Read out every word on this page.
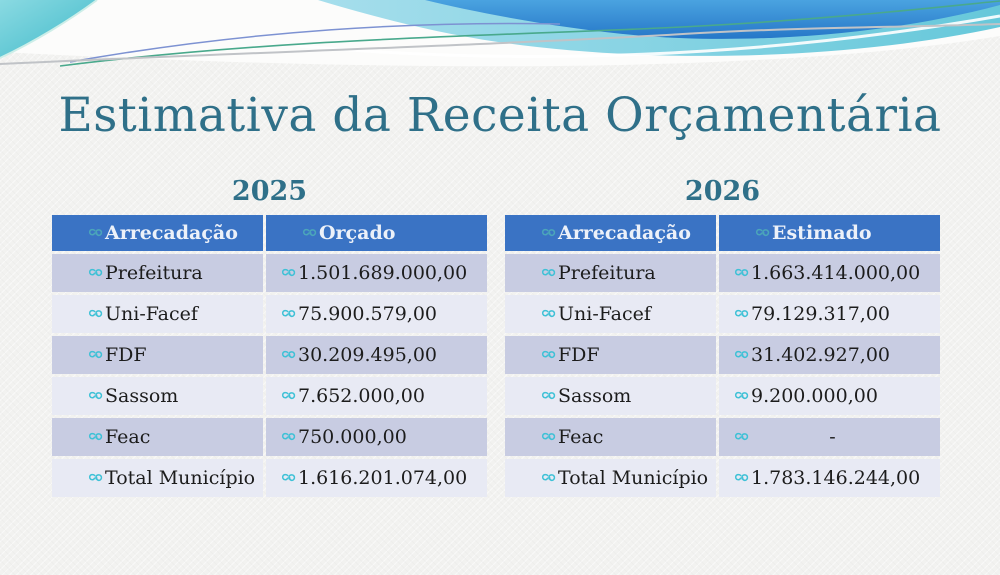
Estimativa da Receita Orçamentária
2025
Arrecadação	Orçado
Prefeitura	1.501.689.000,00
Uni-Facef	75.900.579,00
FDF	30.209.495,00
Sassom	7.652.000,00
Feac	750.000,00
Total Município 1.616.201.074,00
2026
Arrecadação	Estimado
Prefeitura	1.663.414.000,00
Uni-Facef	79.129.317,00
FDF	31.402.927,00
Sassom	9.200.000,00
Feac	-
Total Município 1.783.146.244,00
